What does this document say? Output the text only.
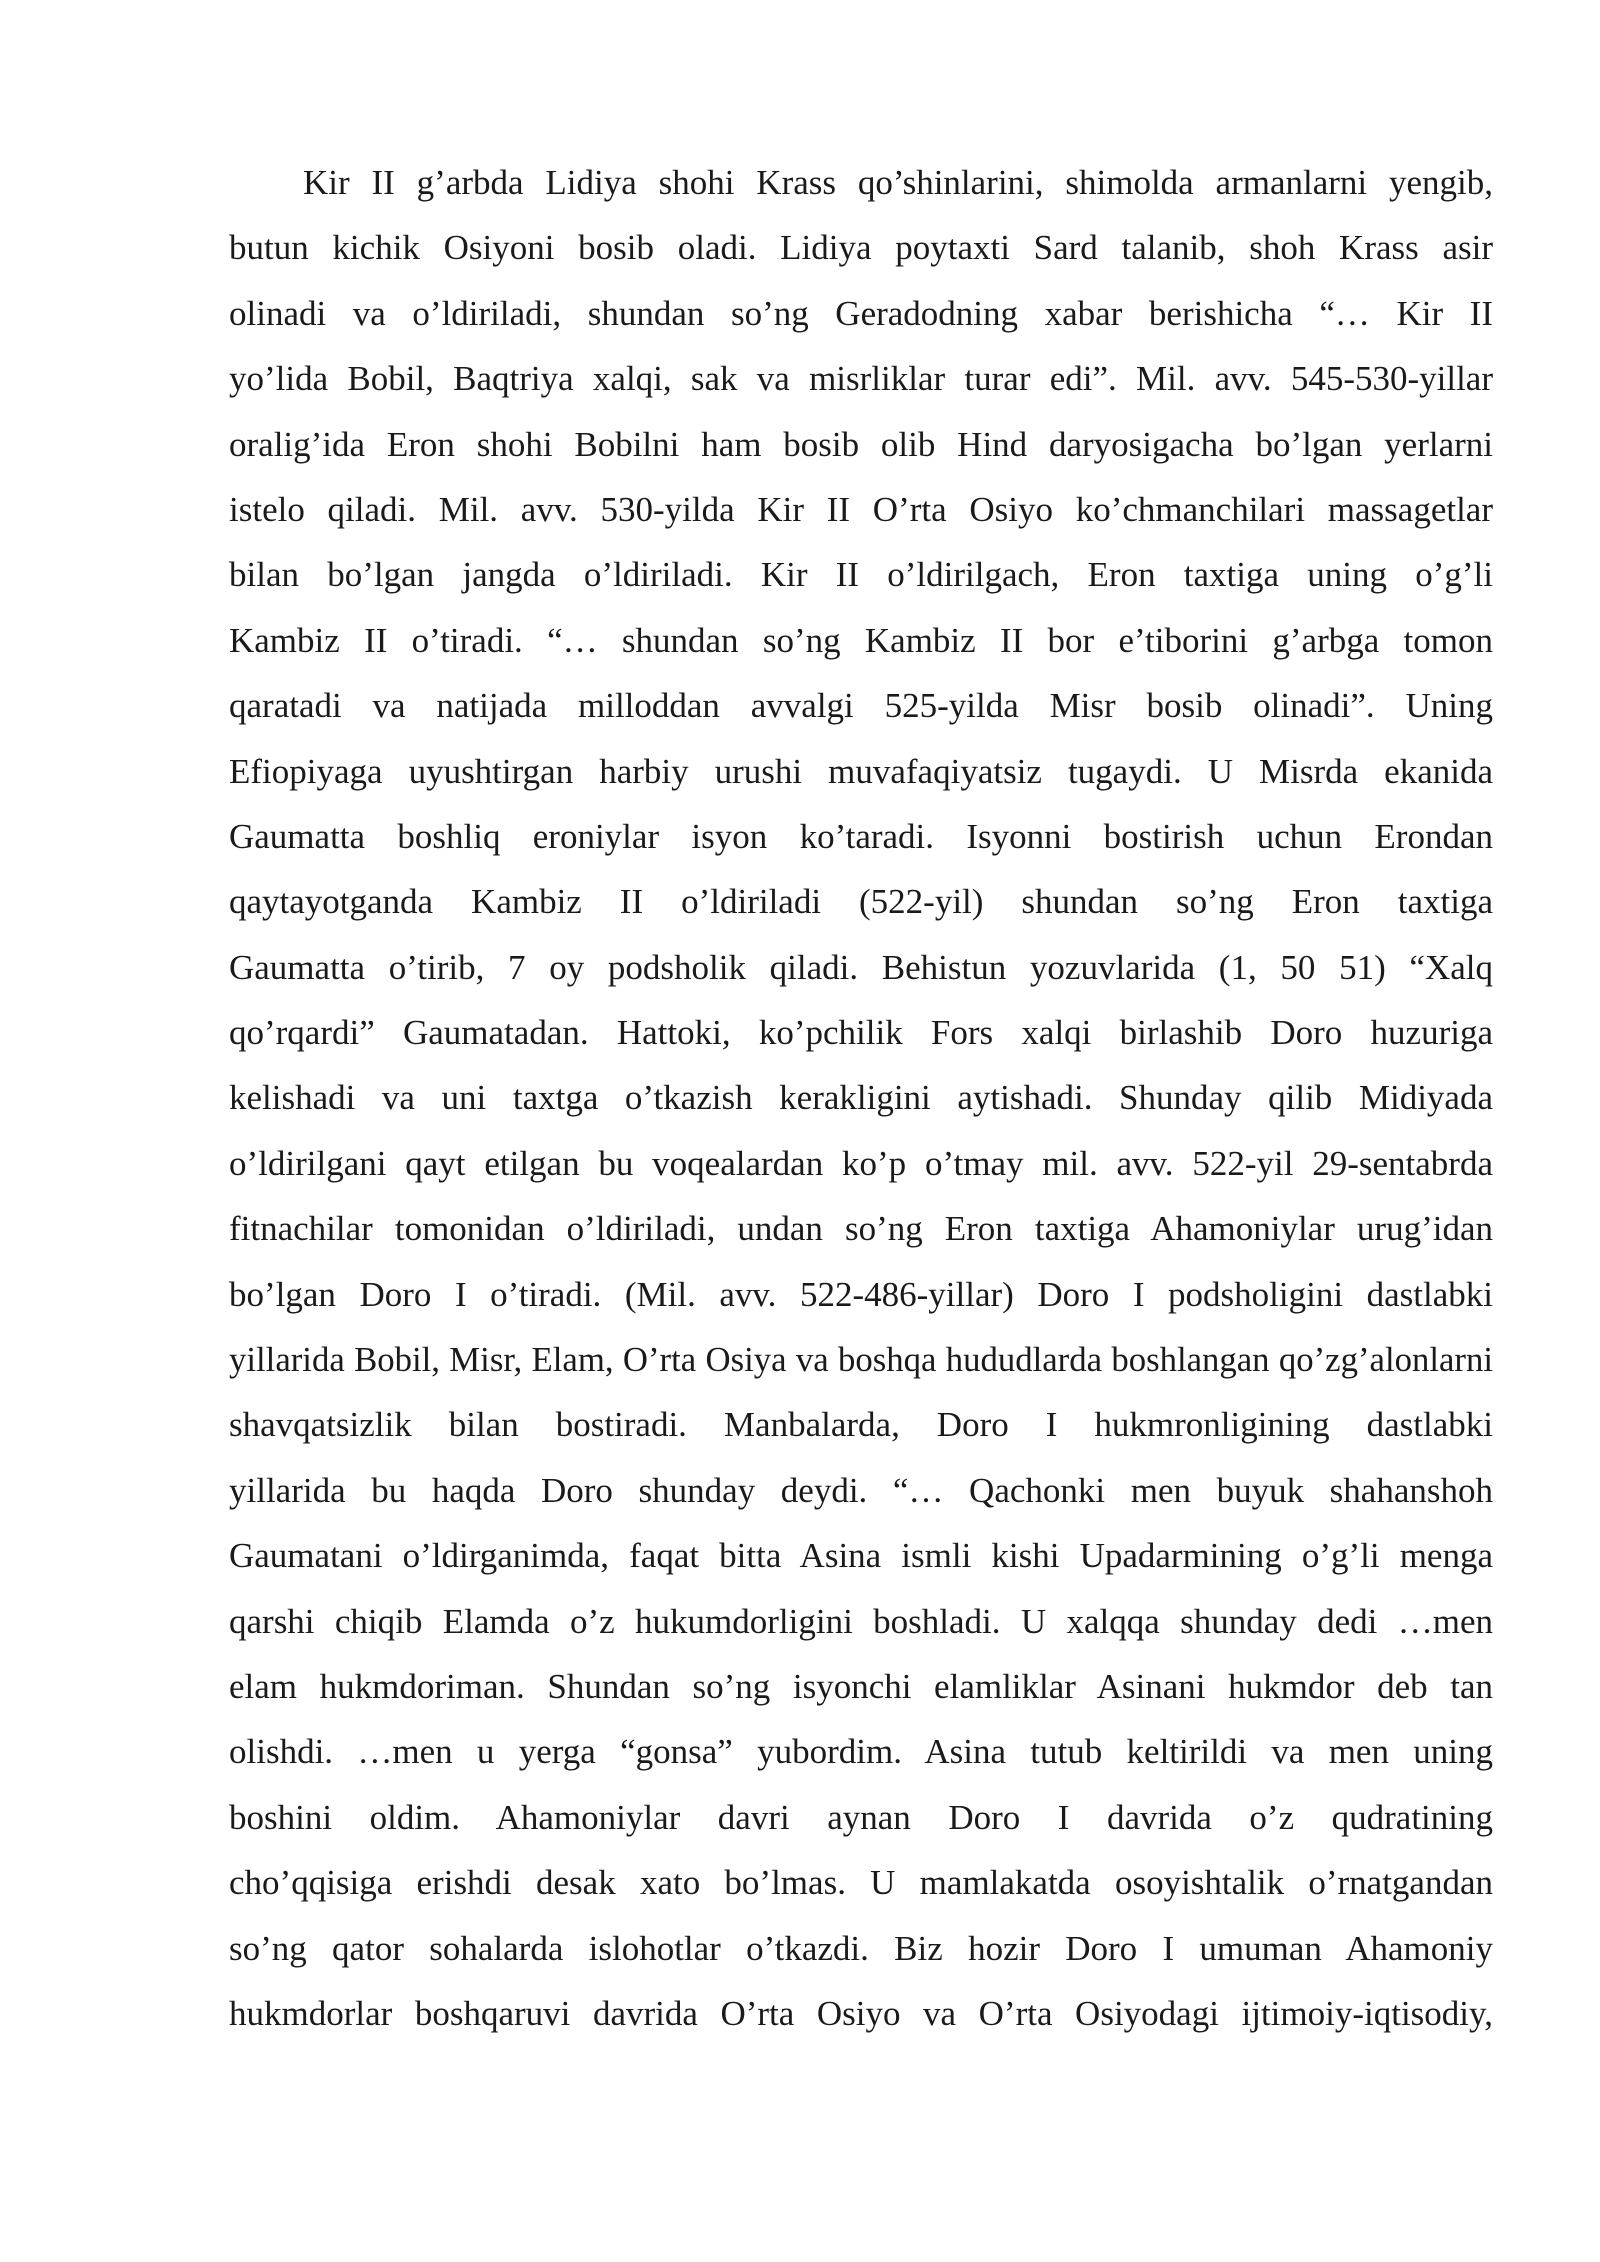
Kir II g’arbda Lidiya shohi Krass qo’shinlarini, shimolda armanlarni yengib,
butun kichik Osiyoni bosib oladi. Lidiya poytaxti Sard talanib, shoh Krass asir
olinadi va o’ldiriladi, shundan so’ng Geradodning xabar berishicha “… Kir II
yo’lida Bobil, Baqtriya xalqi, sak va misrliklar turar edi”. Mil. avv. 545-530-yillar
oralig’ida Eron shohi Bobilni ham bosib olib Hind daryosigacha bo’lgan yerlarni
istelo qiladi. Mil. avv. 530-yilda Kir II O’rta Osiyo ko’chmanchilari massagetlar
bilan bo’lgan jangda o’ldiriladi. Kir II o’ldirilgach, Eron taxtiga uning o’g’li
Kambiz II o’tiradi. “… shundan so’ng Kambiz II bor e’tiborini g’arbga tomon
qaratadi va natijada milloddan avvalgi 525-yilda Misr bosib olinadi”. Uning
Efiopiyaga uyushtirgan harbiy urushi muvafaqiyatsiz tugaydi. U Misrda ekanida
Gaumatta boshliq eroniylar isyon ko’taradi. Isyonni bostirish uchun Erondan
qaytayotganda Kambiz II o’ldiriladi (522-yil) shundan so’ng Eron taxtiga
Gaumatta o’tirib, 7 oy podsholik qiladi. Behistun yozuvlarida (1, 50 51) “Xalq
qo’rqardi” Gaumatadan. Hattoki, ko’pchilik Fors xalqi birlashib Doro huzuriga
kelishadi va uni taxtga o’tkazish kerakligini aytishadi. Shunday qilib Midiyada
o’ldirilgani qayt etilgan bu voqealardan ko’p o’tmay mil. avv. 522-yil 29-sentabrda
fitnachilar tomonidan o’ldiriladi, undan so’ng Eron taxtiga Ahamoniylar urug’idan
bo’lgan Doro I o’tiradi. (Mil. avv. 522-486-yillar) Doro I podsholigini dastlabki
yillarida Bobil, Misr, Elam, O’rta Osiya va boshqa hududlarda boshlangan qo’zg’alonlarni
shavqatsizlik bilan bostiradi. Manbalarda, Doro I hukmronligining dastlabki
yillarida bu haqda Doro shunday deydi. “… Qachonki men buyuk shahanshoh
Gaumatani o’ldirganimda, faqat bitta Asina ismli kishi Upadarmining o’g’li menga
qarshi chiqib Elamda o’z hukumdorligini boshladi. U xalqqa shunday dedi …men
elam hukmdoriman. Shundan so’ng isyonchi elamliklar Asinani hukmdor deb tan
olishdi. …men u yerga “gonsa” yubordim. Asina tutub keltirildi va men uning
boshini oldim. Ahamoniylar davri aynan Doro I davrida o’z qudratining
cho’qqisiga erishdi desak xato bo’lmas. U mamlakatda osoyishtalik o’rnatgandan
so’ng qator sohalarda islohotlar o’tkazdi. Biz hozir Doro I umuman Ahamoniy
hukmdorlar boshqaruvi davrida O’rta Osiyo va O’rta Osiyodagi ijtimoiy-iqtisodiy,
